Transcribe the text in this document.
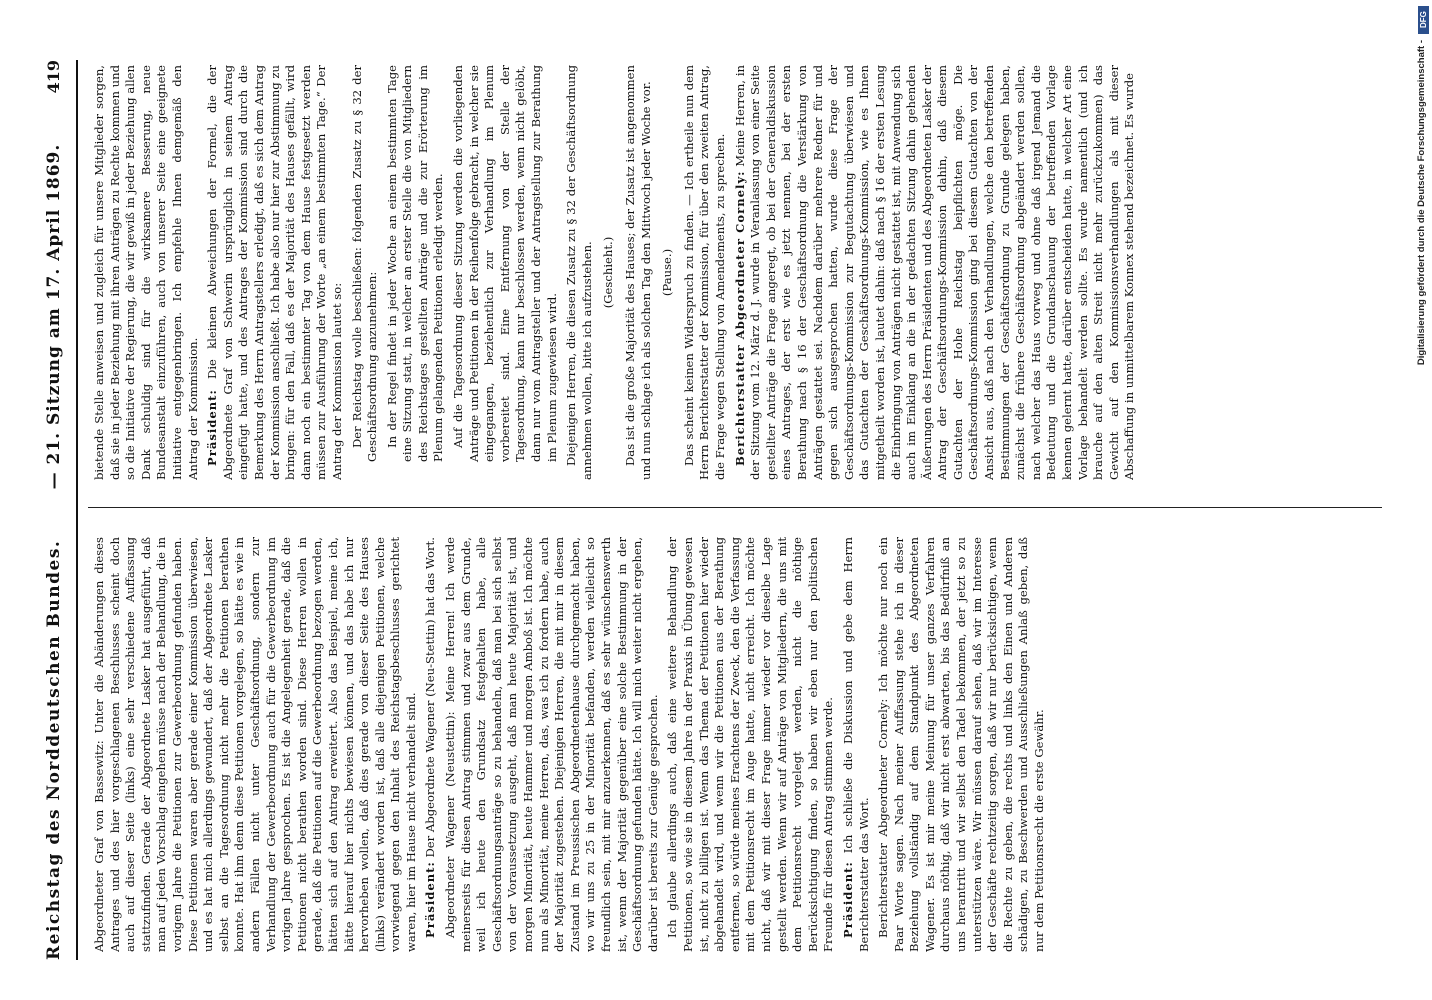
Reichstag des Norddeutschen Bundes.
— 21. Sitzung am 17. April 1869.
419

Abgeordneter Graf von Bassewitz: Unter die Abänderungen dieses Antrages und des hier vorgeschlagenen Beschlusses scheint doch auch auf dieser Seite (links) eine sehr verschiedene Auffassung stattzufinden. Gerade der Abgeordnete Lasker hat ausgeführt, daß man auf jeden Vorschlag eingehen müsse nach der Behandlung, die in vorigem Jahre die Petitionen zur Gewerbeordnung gefunden haben. Diese Petitionen waren aber gerade einer Kommission überwiesen, und es hat mich allerdings gewundert, daß der Abgeordnete Lasker selbst an die Tagesordnung nicht mehr die Petitionen berathen konnte. Hat ihm denn diese Petitionen vorgelegen, so hätte es wie in andern Fällen nicht unter Geschäftsordnung, sondern zur Verhandlung der Gewerbeordnung auch für die Gewerbeordnung im vorigen Jahre gesprochen. Es ist die Angelegenheit gerade, daß die Petitionen nicht berathen worden sind. Diese Herren wollen in gerade, daß die Petitionen auf die Gewerbeordnung bezogen werden, hätten sich auf den Antrag erweitert. Also das Beispiel, meine ich, hätte hierauf hier nichts bewiesen können, und das habe ich nur hervorheben wollen, daß dies gerade von dieser Seite des Hauses (links) verändert worden ist, daß alle diejenigen Petitionen, welche vorwiegend gegen den Inhalt des Reichstagsbeschlusses gerichtet waren, hier im Hause nicht verhandelt sind. Präsident: Der Abgeordnete Wagener (Neu-Stettin) hat das Wort. Abgeordneter Wagener (Neustettin): Meine Herren! Ich werde meinerseits für diesen Antrag stimmen und zwar aus dem Grunde, weil ich heute den Grundsatz festgehalten habe, alle Geschäftsordnungsanträge so zu behandeln, daß man bei sich selbst von der Voraussetzung ausgeht, daß man heute Majorität ist, und morgen Minorität, heute Hammer und morgen Amboß ist. Ich möchte nun als Minorität, meine Herren, das, was ich zu fordern habe, auch der Majorität zugestehen. Diejenigen Herren, die mit mir in diesem Zustand im Preussischen Abgeordnetenhause durchgemacht haben, wo wir uns zu 25 in der Minorität befanden, werden vielleicht so freundlich sein, mit mir anzuerkennen, daß es sehr wünschenswerth ist, wenn der Majorität gegenüber eine solche Bestimmung in der Geschäftsordnung gefunden hätte. Ich will mich weiter nicht ergehen, darüber ist bereits zur Genüge gesprochen. Ich glaube allerdings auch, daß eine weitere Behandlung der Petitionen, so wie sie in diesem Jahre in der Praxis in Übung gewesen ist, nicht zu billigen ist. Wenn das Thema der Petitionen hier wieder abgehandelt wird, und wenn wir die Petitionen aus der Berathung entfernen, so würde meines Erachtens der Zweck, den die Verfassung mit dem Petitionsrecht im Auge hatte, nicht erreicht. Ich möchte nicht, daß wir mit dieser Frage immer wieder vor dieselbe Lage gestellt werden. Wenn wir auf Anträge von Mitgliedern, die uns mit dem Petitionsrecht vorgelegt werden, nicht die nöthige Berücksichtigung finden, so haben wir eben nur den politischen Freunde für diesen Antrag stimmen werde. Präsident: Ich schließe die Diskussion und gebe dem Herrn Berichterstatter das Wort. Berichterstatter Abgeordneter Cornely: Ich möchte nur noch ein Paar Worte sagen. Nach meiner Auffassung stehe ich in dieser Beziehung vollständig auf dem Standpunkt des Abgeordneten Wagener. Es ist mir meine Meinung für unser ganzes Verfahren durchaus nöthig, daß wir nicht erst abwarten, bis das Bedürfniß an uns herantritt und wir selbst den Tadel bekommen, der jetzt so zu unterstützen wäre. Wir müssen darauf sehen, daß wir im Interesse der Geschäfte rechtzeitig sorgen, daß wir nur berücksichtigen, wenn die Rechte zu geben, die rechts und links den Einen und Anderen schädigen, zu Beschwerden und Ausschließungen Anlaß geben, daß nur dem Petitionsrecht die erste Gewähr.

bietende Stelle anweisen und zugleich für unsere Mitglieder sorgen, daß sie in jeder Beziehung mit ihren Anträgen zu Rechte kommen und so die Initiative der Regierung, die wir gewiß in jeder Beziehung allen Dank schuldig sind für die wirksamere Besserung, neue Bundesanstalt einzuführen, auch von unserer Seite eine geeignete Initiative entgegenbringen. Ich empfehle Ihnen demgemäß den Antrag der Kommission. Präsident: Die kleinen Abweichungen der Formel, die der Abgeordnete Graf von Schwerin ursprünglich in seinem Antrag eingefügt hatte, und des Antrages der Kommission sind durch die Bemerkung des Herrn Antragstellers erledigt, daß es sich dem Antrag der Kommission anschließt. Ich habe also nur hier zur Abstimmung zu bringen: für den Fall, daß es der Majorität des Hauses gefällt, wird dann noch ein bestimmter Tag von dem Hause festgesetzt werden müssen zur Ausführung der Worte „an einem bestimmten Tage.“ Der Antrag der Kommission lautet so: Der Reichstag wolle beschließen: folgenden Zusatz zu § 32 der Geschäftsordnung anzunehmen: In der Regel findet in jeder Woche an einem bestimmten Tage eine Sitzung statt, in welcher an erster Stelle die von Mitgliedern des Reichstages gestellten Anträge und die zur Erörterung im Plenum gelangenden Petitionen erledigt werden. Auf die Tagesordnung dieser Sitzung werden die vorliegenden Anträge und Petitionen in der Reihenfolge gebracht, in welcher sie eingegangen, beziehentlich zur Verhandlung im Plenum vorbereitet sind. Eine Entfernung von der Stelle der Tagesordnung, kann nur beschlossen werden, wenn nicht gelöbt, dann nur vom Antragsteller und der Antragstellung zur Berathung im Plenum zugewiesen wird. Diejenigen Herren, die diesen Zusatz zu § 32 der Geschäftsordnung annehmen wollen, bitte ich aufzustehen. (Geschieht.) Das ist die große Majorität des Hauses; der Zusatz ist angenommen und nun schlage ich als solchen Tag den Mittwoch jeder Woche vor. (Pause.) Das scheint keinen Widerspruch zu finden. — Ich ertheile nun dem Herrn Berichterstatter der Kommission, für über den zweiten Antrag, die Frage wegen Stellung von Amendements, zu sprechen. Berichterstatter Abgeordneter Cornely: Meine Herren, in der Sitzung vom 12. März d. J. wurde in Veranlassung von einer Seite gestellter Anträge die Frage angeregt, ob bei der Generaldiskussion eines Antrages, der erst wie es jetzt nennen, bei der ersten Berathung nach § 16 der Geschäftsordnung die Verstärkung von Anträgen gestattet sei. Nachdem darüber mehrere Redner für und gegen sich ausgesprochen hatten, wurde diese Frage der Geschäftsordnungs-Kommission zur Begutachtung überwiesen und das Gutachten der Geschäftsordnungs-Kommission, wie es Ihnen mitgetheilt worden ist, lautet dahin: daß nach § 16 der ersten Lesung die Einbringung von Anträgen nicht gestattet ist, mit Anwendung sich auch im Einklang an die in der gedachten Sitzung dahin gehenden Äußerungen des Herrn Präsidenten und des Abgeordneten Lasker der Antrag der Geschäftsordnungs-Kommission dahin, daß diesem Gutachten der Hohe Reichstag beipflichten möge. Die Geschäftsordnungs-Kommission ging bei diesem Gutachten von der Ansicht aus, daß nach den Verhandlungen, welche den betreffenden Bestimmungen der Geschäftsordnung zu Grunde gelegen haben, zunächst die frühere Geschäftsordnung abgeändert werden sollen, nach welcher das Haus vorweg und ohne daß irgend Jemand die Bedeutung und die Grundanschauung der betreffenden Vorlage kennen gelernt hatte, darüber entscheiden hatte, in welcher Art eine Vorlage behandelt werden sollte. Es wurde namentlich (und ich brauche auf den alten Streit nicht mehr zurückzukommen) das Gewicht auf den Kommissionsverhandlungen als mit dieser Abschaffung in unmittelbarem Konnex stehend bezeichnet. Es wurde

DFG
Digitalisierung gefördert durch die Deutsche Forschungsgemeinschaft -
